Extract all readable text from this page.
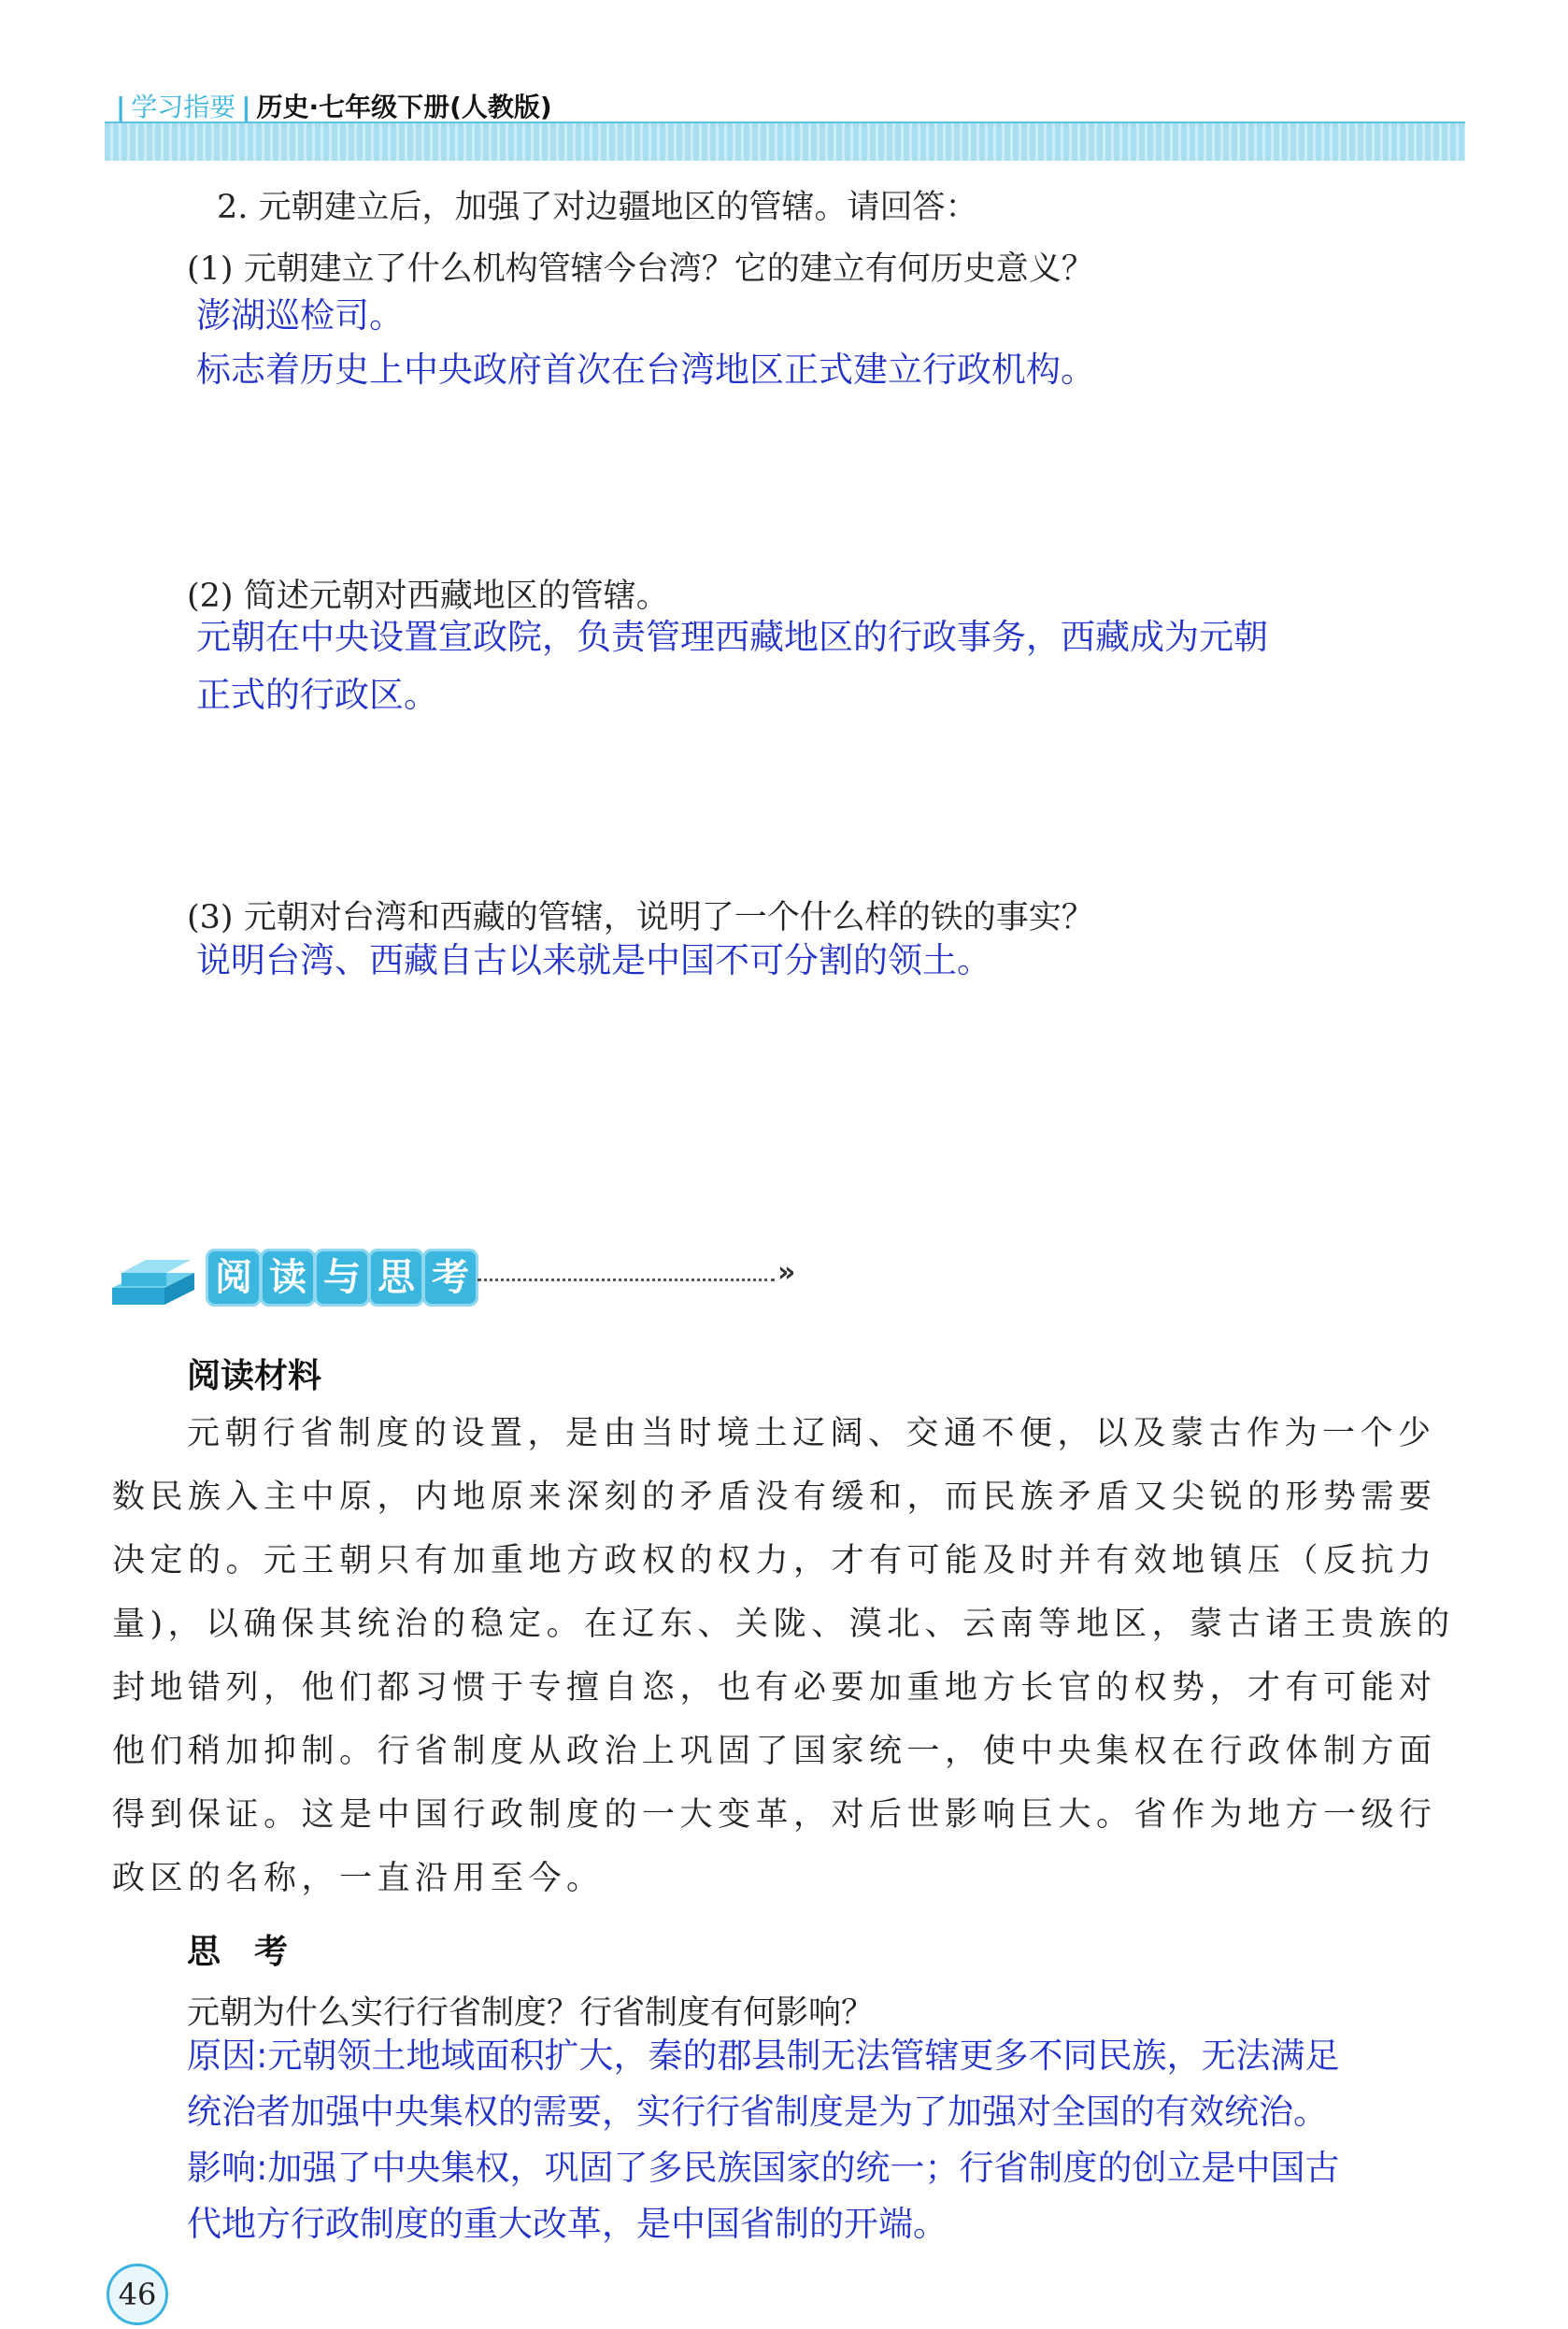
| 学习指要 | 历史·七年级下册(人教版)
2. 元朝建立后，加强了对边疆地区的管辖。请回答：
(1) 元朝建立了什么机构管辖今台湾？它的建立有何历史意义？
澎湖巡检司。
标志着历史上中央政府首次在台湾地区正式建立行政机构。
(2) 简述元朝对西藏地区的管辖。
元朝在中央设置宣政院，负责管理西藏地区的行政事务，西藏成为元朝
正式的行政区。
(3) 元朝对台湾和西藏的管辖，说明了一个什么样的铁的事实？
说明台湾、西藏自古以来就是中国不可分割的领土。
阅 读 与 思 考	»
阅读材料
元朝行省制度的设置，是由当时境土辽阔、交通不便，以及蒙古作为一个少
数民族入主中原，内地原来深刻的矛盾没有缓和，而民族矛盾又尖锐的形势需要
决定的。元王朝只有加重地方政权的权力，才有可能及时并有效地镇压（反抗力
量)，以确保其统治的稳定。在辽东、关陇、漠北、云南等地区，蒙古诸王贵族的
封地错列，他们都习惯于专擅自恣，也有必要加重地方长官的权势，才有可能对
他们稍加抑制。行省制度从政治上巩固了国家统一，使中央集权在行政体制方面
得到保证。这是中国行政制度的一大变革，对后世影响巨大。省作为地方一级行
政区的名称，一直沿用至今。
思　考
元朝为什么实行行省制度？行省制度有何影响？
原因:元朝领土地域面积扩大，秦的郡县制无法管辖更多不同民族，无法满足
统治者加强中央集权的需要，实行行省制度是为了加强对全国的有效统治。
影响:加强了中央集权，巩固了多民族国家的统一；行省制度的创立是中国古
代地方行政制度的重大改革，是中国省制的开端。
46
